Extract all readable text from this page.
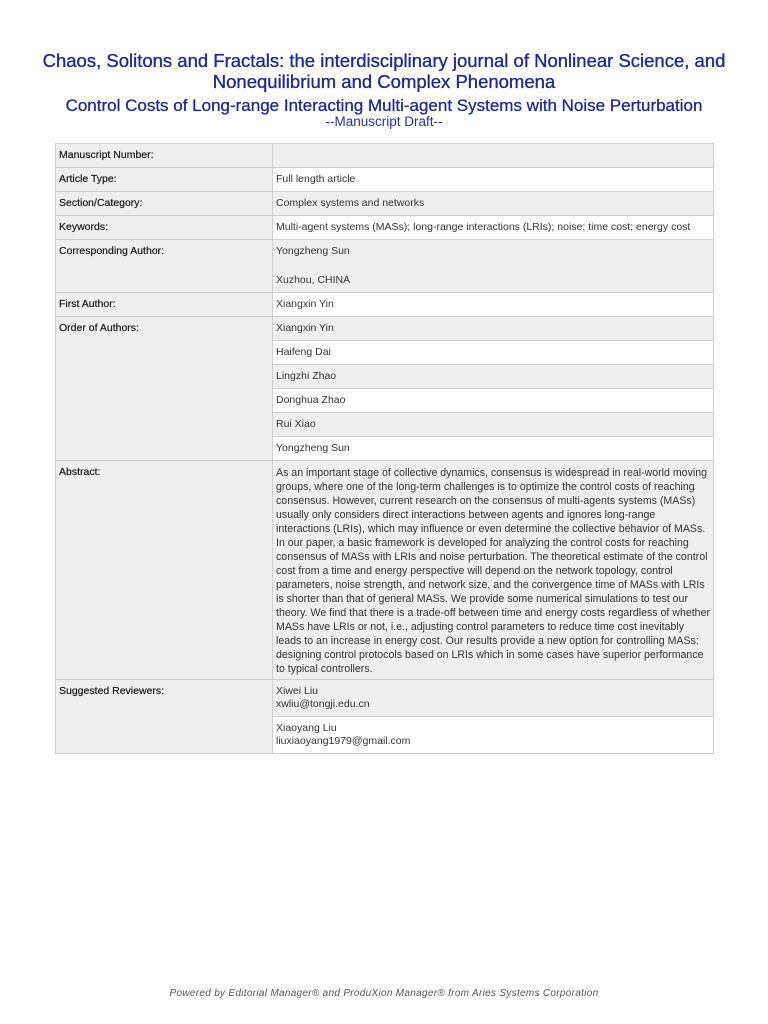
Chaos, Solitons and Fractals: the interdisciplinary journal of Nonlinear Science, and Nonequilibrium and Complex Phenomena
Control Costs of Long-range Interacting Multi-agent Systems with Noise Perturbation
--Manuscript Draft--
Manuscript Number:	
Article Type:	Full length article
Section/Category:	Complex systems and networks
Keywords:	Multi-agent systems (MASs); long-range interactions (LRIs); noise; time cost; energy cost
Corresponding Author:	Yongzheng Sun
Xuzhou, CHINA
First Author:	Xiangxin Yin
Order of Authors:	Xiangxin Yin
	Haifeng Dai
	Lingzhi Zhao
	Donghua Zhao
	Rui Xiao
	Yongzheng Sun
Abstract:	As an important stage of collective dynamics, consensus is widespread in real-world moving groups, where one of the long-term challenges is to optimize the control costs of reaching consensus. However, current research on the consensus of multi-agents systems (MASs) usually only considers direct interactions between agents and ignores long-range interactions (LRIs), which may influence or even determine the collective behavior of MASs. In our paper, a basic framework is developed for analyzing the control costs for reaching consensus of MASs with LRIs and noise perturbation. The theoretical estimate of the control cost from a time and energy perspective will depend on the network topology, control parameters, noise strength, and network size, and the convergence time of MASs with LRIs is shorter than that of general MASs. We provide some numerical simulations to test our theory. We find that there is a trade-off between time and energy costs regardless of whether MASs have LRIs or not, i.e., adjusting control parameters to reduce time cost inevitably leads to an increase in energy cost. Our results provide a new option for controlling MASs: designing control protocols based on LRIs which in some cases have superior performance to typical controllers.
Suggested Reviewers:	Xiwei Liu
xwliu@tongji.edu.cn

	Xiaoyang Liu
liuxiaoyang1979@gmail.com
Powered by Editorial Manager® and ProduXion Manager® from Aries Systems Corporation
